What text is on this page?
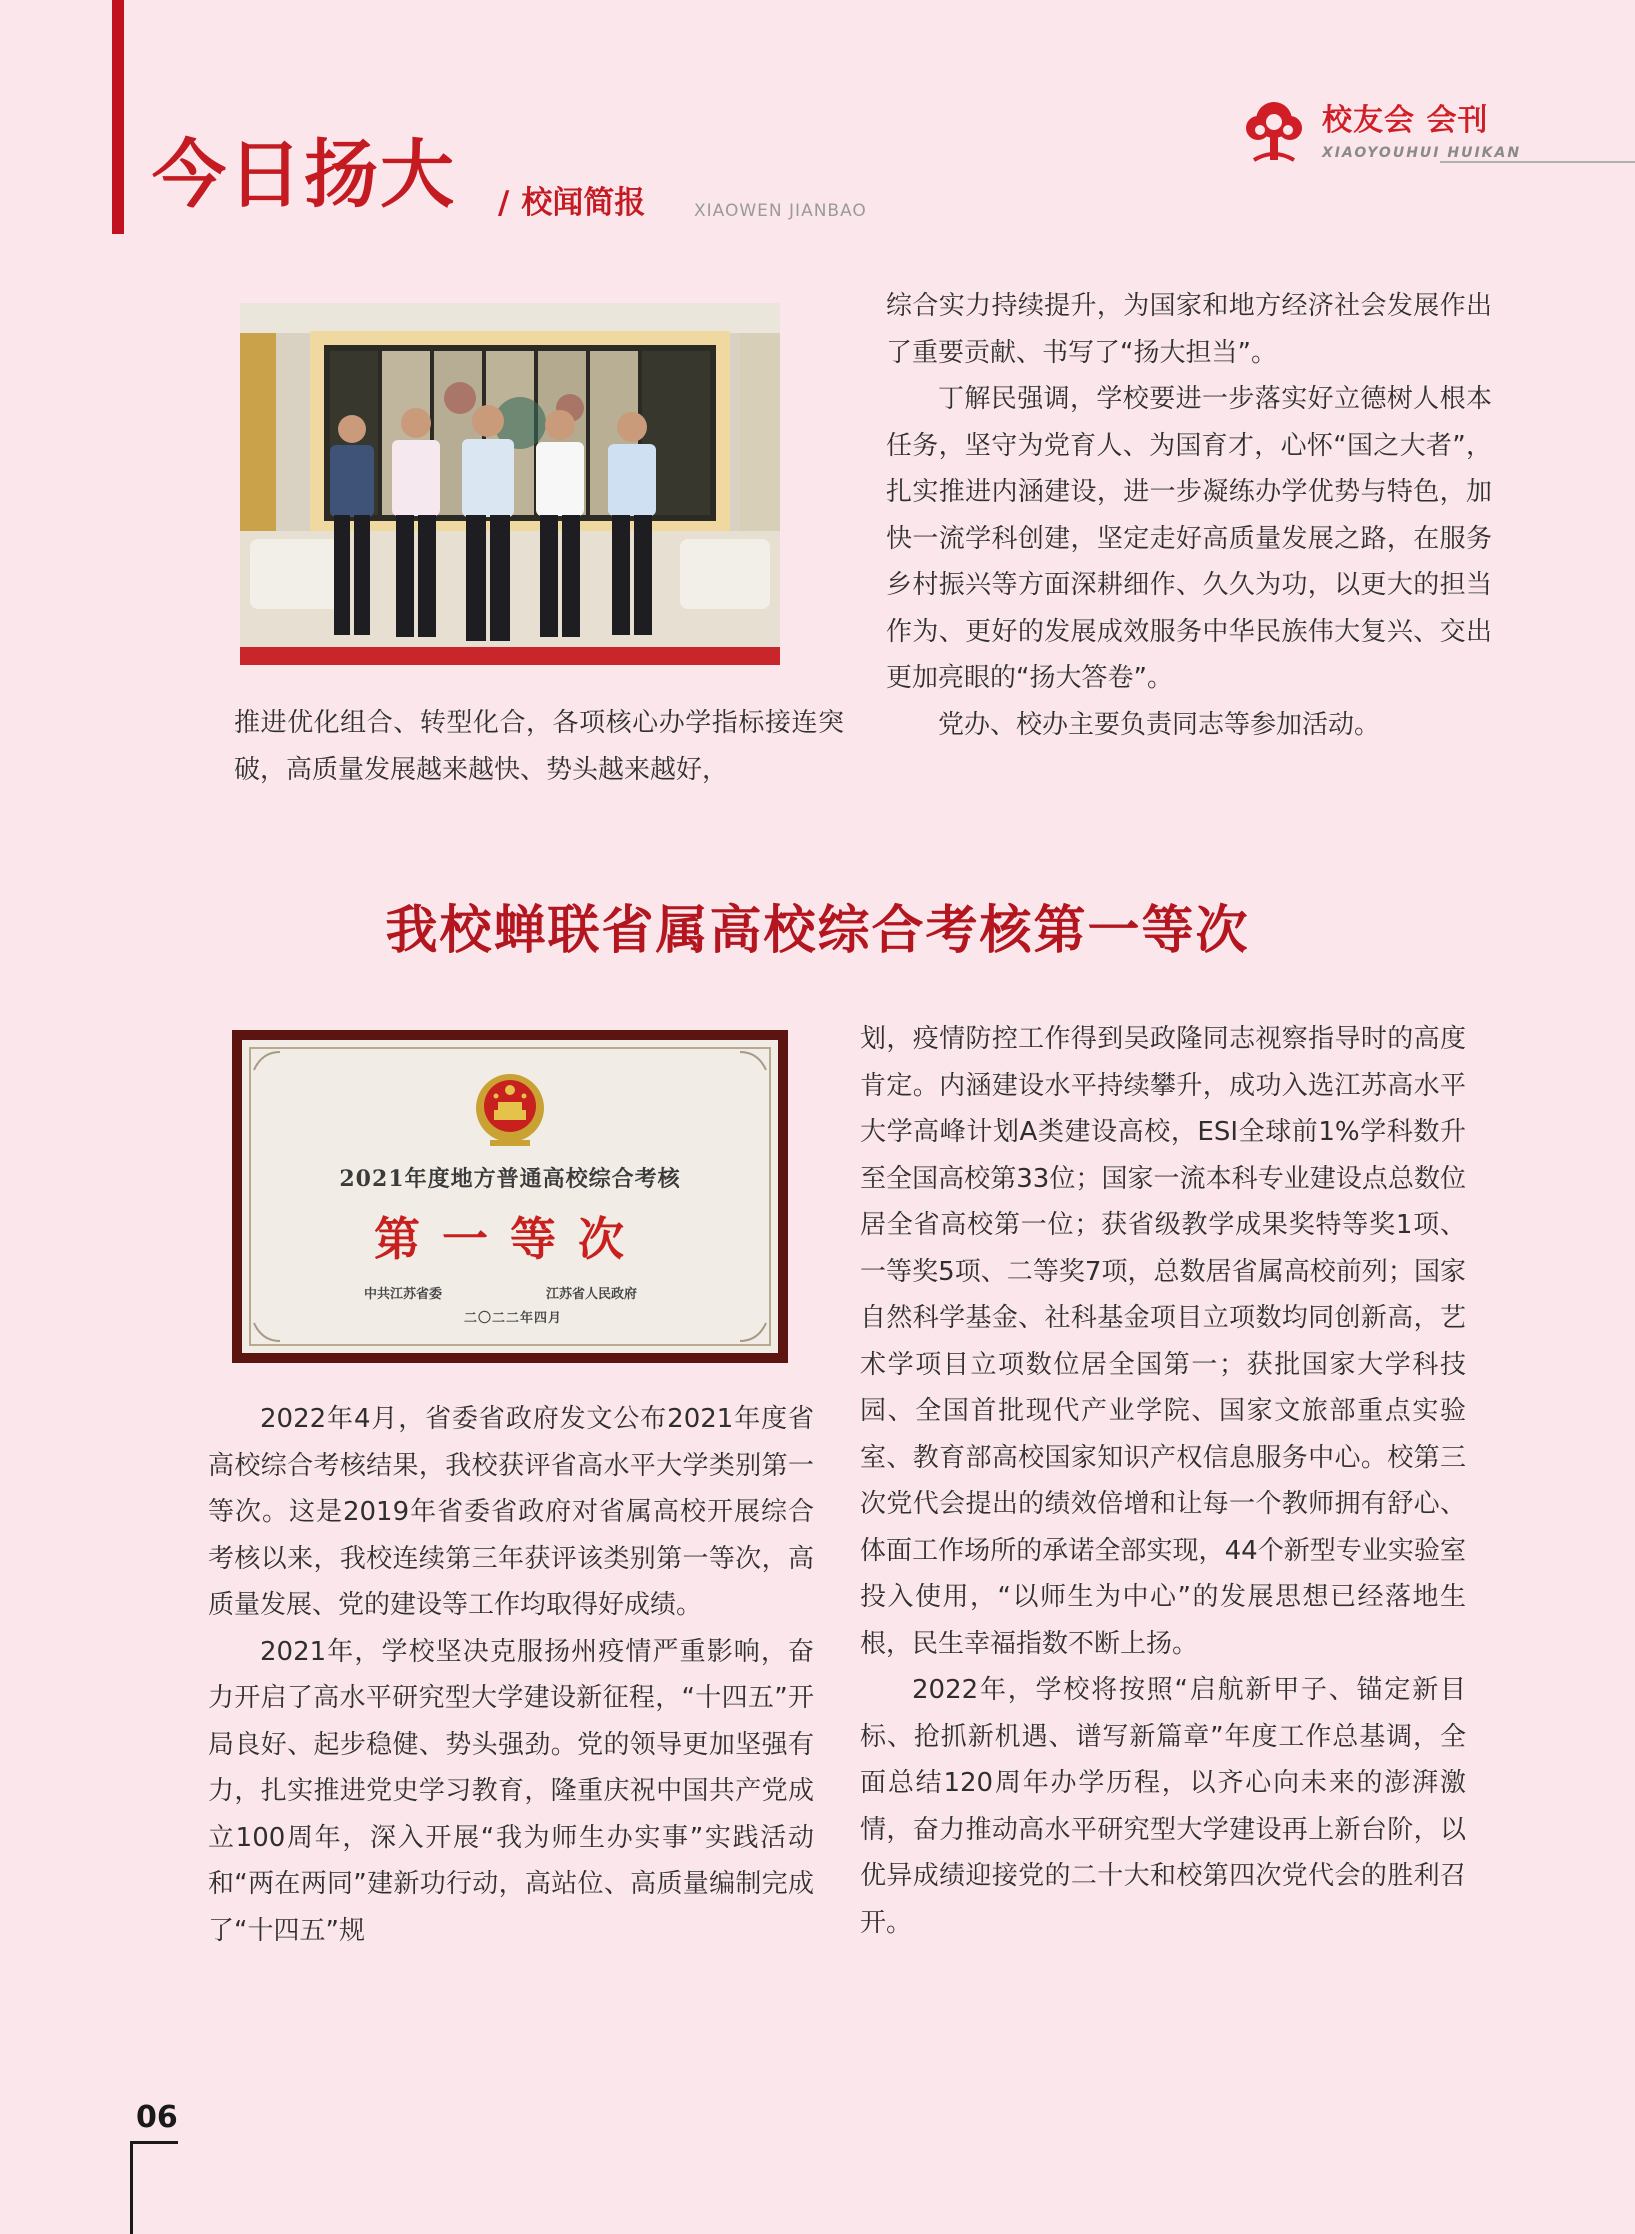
今日扬大 / 校闻简报	XIAOWEN JIANBAO
校友会 会刊
XIAOYOUHUI HUIKAN

推进优化组合、转型化合，各项核心办学指标接连突破，高质量发展越来越快、势头越来越好，

综合实力持续提升，为国家和地方经济社会发展作出了重要贡献、书写了“扬大担当”。

丁解民强调，学校要进一步落实好立德树人根本任务，坚守为党育人、为国育才，心怀“国之大者”，扎实推进内涵建设，进一步凝练办学优势与特色，加快一流学科创建，坚定走好高质量发展之路，在服务乡村振兴等方面深耕细作、久久为功，以更大的担当作为、更好的发展成效服务中华民族伟大复兴、交出更加亮眼的“扬大答卷”。

党办、校办主要负责同志等参加活动。

我校蝉联省属高校综合考核第一等次
2021年度地方普通高校综合考核
第一等次
中共江苏省委	江苏省人民政府
二〇二二年四月

2022年4月，省委省政府发文公布2021年度省高校综合考核结果，我校获评省高水平大学类别第一等次。这是2019年省委省政府对省属高校开展综合考核以来，我校连续第三年获评该类别第一等次，高质量发展、党的建设等工作均取得好成绩。

2021年，学校坚决克服扬州疫情严重影响，奋力开启了高水平研究型大学建设新征程，“十四五”开局良好、起步稳健、势头强劲。党的领导更加坚强有力，扎实推进党史学习教育，隆重庆祝中国共产党成立100周年，深入开展“我为师生办实事”实践活动和“两在两同”建新功行动，高站位、高质量编制完成了“十四五”规

划，疫情防控工作得到吴政隆同志视察指导时的高度肯定。内涵建设水平持续攀升，成功入选江苏高水平大学高峰计划A类建设高校，ESI全球前1%学科数升至全国高校第33位；国家一流本科专业建设点总数位居全省高校第一位；获省级教学成果奖特等奖1项、一等奖5项、二等奖7项，总数居省属高校前列；国家自然科学基金、社科基金项目立项数均同创新高，艺术学项目立项数位居全国第一；获批国家大学科技园、全国首批现代产业学院、国家文旅部重点实验室、教育部高校国家知识产权信息服务中心。校第三次党代会提出的绩效倍增和让每一个教师拥有舒心、体面工作场所的承诺全部实现，44个新型专业实验室投入使用，“以师生为中心”的发展思想已经落地生根，民生幸福指数不断上扬。

2022年，学校将按照“启航新甲子、锚定新目标、抢抓新机遇、谱写新篇章”年度工作总基调，全面总结120周年办学历程，以齐心向未来的澎湃激情，奋力推动高水平研究型大学建设再上新台阶，以优异成绩迎接党的二十大和校第四次党代会的胜利召开。

06
